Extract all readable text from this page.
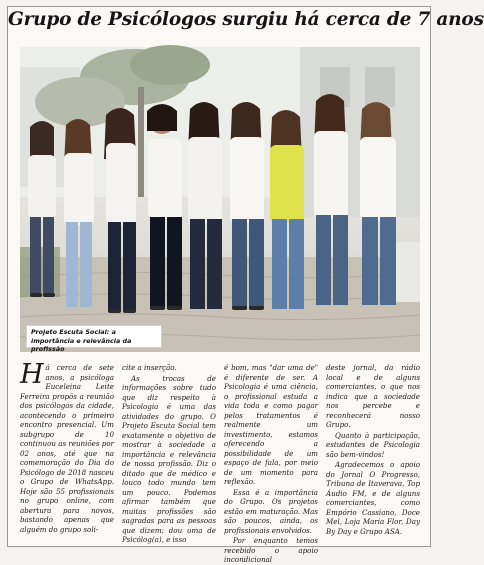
Grupo de Psicólogos surgiu há cerca de 7 anos
Projeto Escuta Social: a importância e relevância da profissão

Há cerca de sete anos, a psicóloga Euceleina Leite Ferreira propôs a reunião dos psicólogos da cidade, acontecendo o primeiro encontro presencial. Um subgrupo de 10 continuou as reuniões por 02 anos, até que na comemoração do Dia do Psicólogo de 2018 nasceu o Grupo de WhatsApp. Hoje são 55 profissionais no grupo online, com abertura para novos, bastando apenas que alguém do grupo soli-

cite a inserção.

As trocas de informações sobre tudo que diz respeito à Psicologia é uma das atividades do grupo. O Projeto Escuta Social tem exatamente o objetivo de mostrar à sociedade a importância e relevância de nossa profissão. Diz o ditado que de médico e louco todo mundo tem um pouco. Podemos afirmar também que muitas profissões são sagradas para as pessoas que dizem: dou uma de Psicólog(a), e isso

é bom, mas "dar uma de" é diferente de ser. A Psicologia é uma ciência, o profissional estuda a vida toda e como pagar pelos tratamentos é realmente um investimento, estamos oferecendo a possibilidade de um espaço de fala, por meio de um momento para reflexão.

Essa é a importância do Grupo. Os projetos estão em maturação. Mas são poucos, ainda, os profissionais envolvidos.

Por enquanto temos recebido o apoio incondicional

deste jornal, da rádio local e de alguns comerciantes, o que nos indica que a sociedade nos percebe e reconhecerá nosso Grupo.

Quanto à participação, estudantes de Psicologia são bem-vindos!

Agradecemos o apoio do Jornal O Progresso, Tribuna de Itaverava, Top Áudio FM, e de alguns comerciantes, como Empório Cassiano, Doce Mel, Loja Maria Flor, Day By Day e Grupo ASA.
